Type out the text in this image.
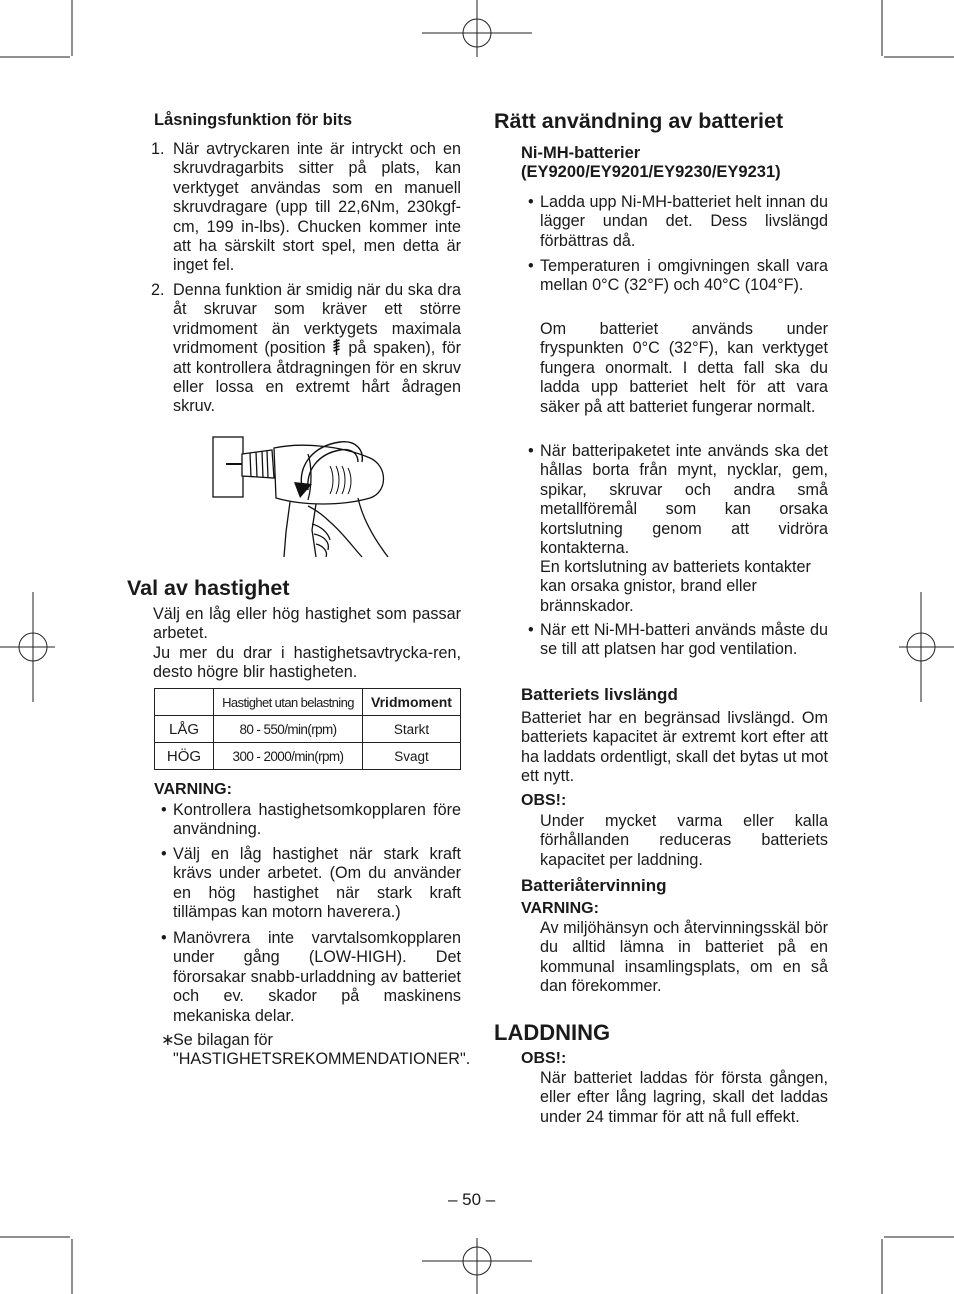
Låsningsfunktion för bits
1. När avtryckaren inte är intryckt och en skruvdragarbits sitter på plats, kan verktyget användas som en manuell skruvdragare (upp till 22,6Nm, 230kgf-cm, 199 in-lbs). Chucken kommer inte att ha särskilt stort spel, men detta är inget fel.
2. Denna funktion är smidig när du ska dra åt skruvar som kräver ett större vridmoment än verktygets maximala vridmoment (position på spaken), för att kontrollera åtdragningen för en skruv eller lossa en extremt hårt ådragen skruv.
Val av hastighet
Välj en låg eller hög hastighet som passar arbetet.
Ju mer du drar i hastighetsavtrycka-ren, desto högre blir hastigheten.
	Hastighet utan belastning	Vridmoment
LÅG	80 - 550/min(rpm)	Starkt
HÖG	300 - 2000/min(rpm)	Svagt
VARNING:
• Kontrollera hastighetsomkopplaren före användning.
• Välj en låg hastighet när stark kraft krävs under arbetet. (Om du använder en hög hastighet när stark kraft tillämpas kan motorn haverera.)
• Manövrera inte varvtalsomkopplaren under gång (LOW-HIGH). Det förorsakar snabb-urladdning av batteriet och ev. skador på maskinens mekaniska delar.
∗
Se bilagan för "HASTIGHETSREKOMMENDATIONER".
Rätt användning av batteriet
Ni-MH-batterier
(EY9200/EY9201/EY9230/EY9231)
• Ladda upp Ni-MH-batteriet helt innan du lägger undan det. Dess livslängd förbättras då.
• Temperaturen i omgivningen skall vara mellan 0°C (32°F) och 40°C (104°F).
Om batteriet används under fryspunkten 0°C (32°F), kan verktyget fungera onormalt. I detta fall ska du ladda upp batteriet helt för att vara säker på att batteriet fungerar normalt.
• När batteripaketet inte används ska det hållas borta från mynt, nycklar, gem, spikar, skruvar och andra små metallföremål som kan orsaka kortslutning genom att vidröra kontakterna.
En kortslutning av batteriets kontakter kan orsaka gnistor, brand eller brännskador.
• När ett Ni-MH-batteri används måste du se till att platsen har god ventilation.
Batteriets livslängd
Batteriet har en begränsad livslängd. Om batteriets kapacitet är extremt kort efter att ha laddats ordentligt, skall det bytas ut mot ett nytt.
OBS!:
Under mycket varma eller kalla förhållanden reduceras batteriets kapacitet per laddning.
Batteriåtervinning
VARNING:
Av miljöhänsyn och återvinningsskäl bör du alltid lämna in batteriet på en kommunal insamlingsplats, om en så dan förekommer.
LADDNING
OBS!:
När batteriet laddas för första gången, eller efter lång lagring, skall det laddas under 24 timmar för att nå full effekt.
– 50 –
